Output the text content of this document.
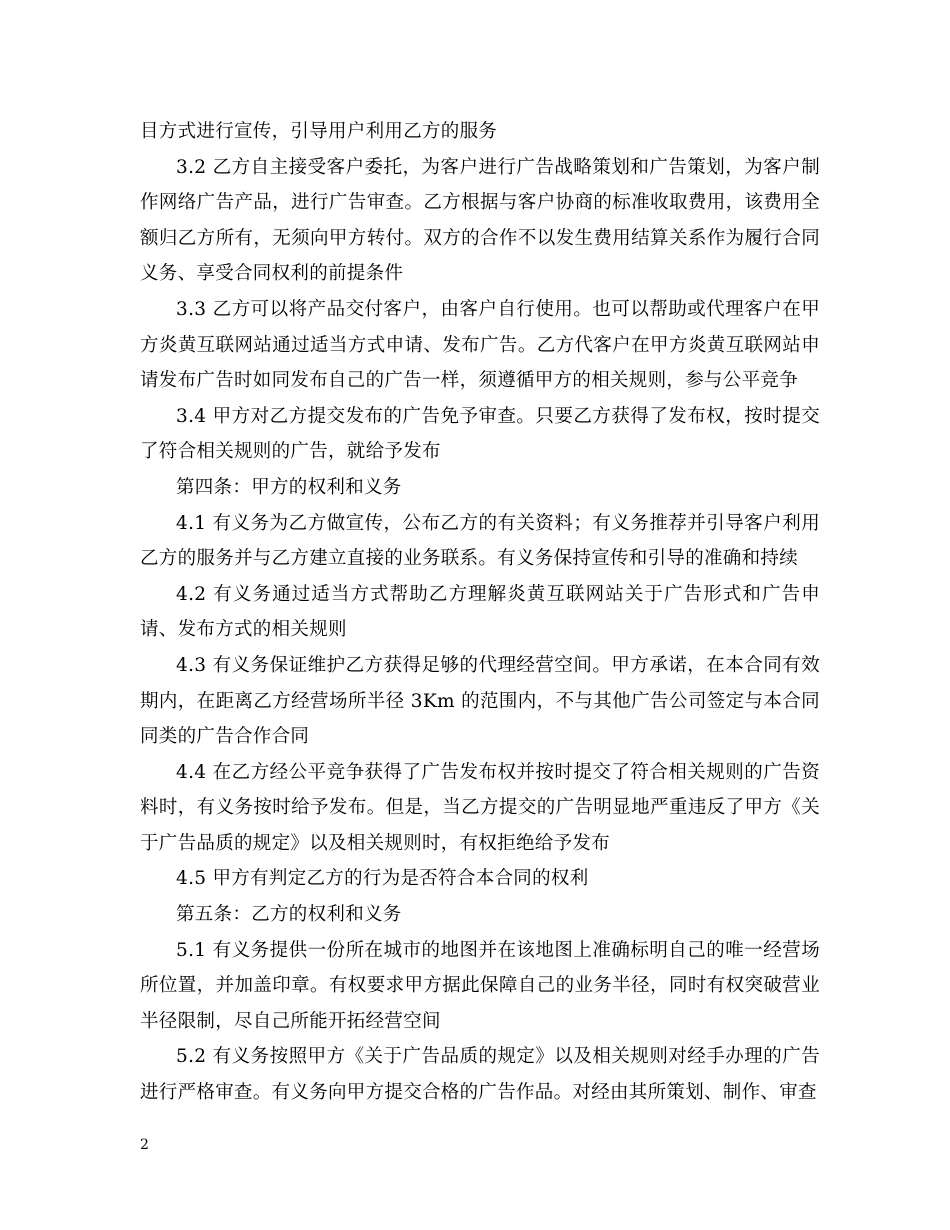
目方式进行宣传，引导用户利用乙方的服务

3.2 乙方自主接受客户委托，为客户进行广告战略策划和广告策划，为客户制作网络广告产品，进行广告审查。乙方根据与客户协商的标准收取费用，该费用全额归乙方所有，无须向甲方转付。双方的合作不以发生费用结算关系作为履行合同义务、享受合同权利的前提条件

3.3 乙方可以将产品交付客户，由客户自行使用。也可以帮助或代理客户在甲方炎黄互联网站通过适当方式申请、发布广告。乙方代客户在甲方炎黄互联网站申请发布广告时如同发布自己的广告一样，须遵循甲方的相关规则，参与公平竞争

3.4 甲方对乙方提交发布的广告免予审查。只要乙方获得了发布权，按时提交了符合相关规则的广告，就给予发布

第四条：甲方的权利和义务

4.1 有义务为乙方做宣传，公布乙方的有关资料；有义务推荐并引导客户利用乙方的服务并与乙方建立直接的业务联系。有义务保持宣传和引导的准确和持续

4.2 有义务通过适当方式帮助乙方理解炎黄互联网站关于广告形式和广告申请、发布方式的相关规则

4.3 有义务保证维护乙方获得足够的代理经营空间。甲方承诺，在本合同有效期内，在距离乙方经营场所半径 3Km 的范围内，不与其他广告公司签定与本合同同类的广告合作合同

4.4 在乙方经公平竞争获得了广告发布权并按时提交了符合相关规则的广告资料时，有义务按时给予发布。但是，当乙方提交的广告明显地严重违反了甲方《关于广告品质的规定》以及相关规则时，有权拒绝给予发布

4.5 甲方有判定乙方的行为是否符合本合同的权利

第五条：乙方的权利和义务

5.1 有义务提供一份所在城市的地图并在该地图上准确标明自己的唯一经营场所位置，并加盖印章。有权要求甲方据此保障自己的业务半径，同时有权突破营业半径限制，尽自己所能开拓经营空间

5.2 有义务按照甲方《关于广告品质的规定》以及相关规则对经手办理的广告进行严格审查。有义务向甲方提交合格的广告作品。对经由其所策划、制作、审查

2
